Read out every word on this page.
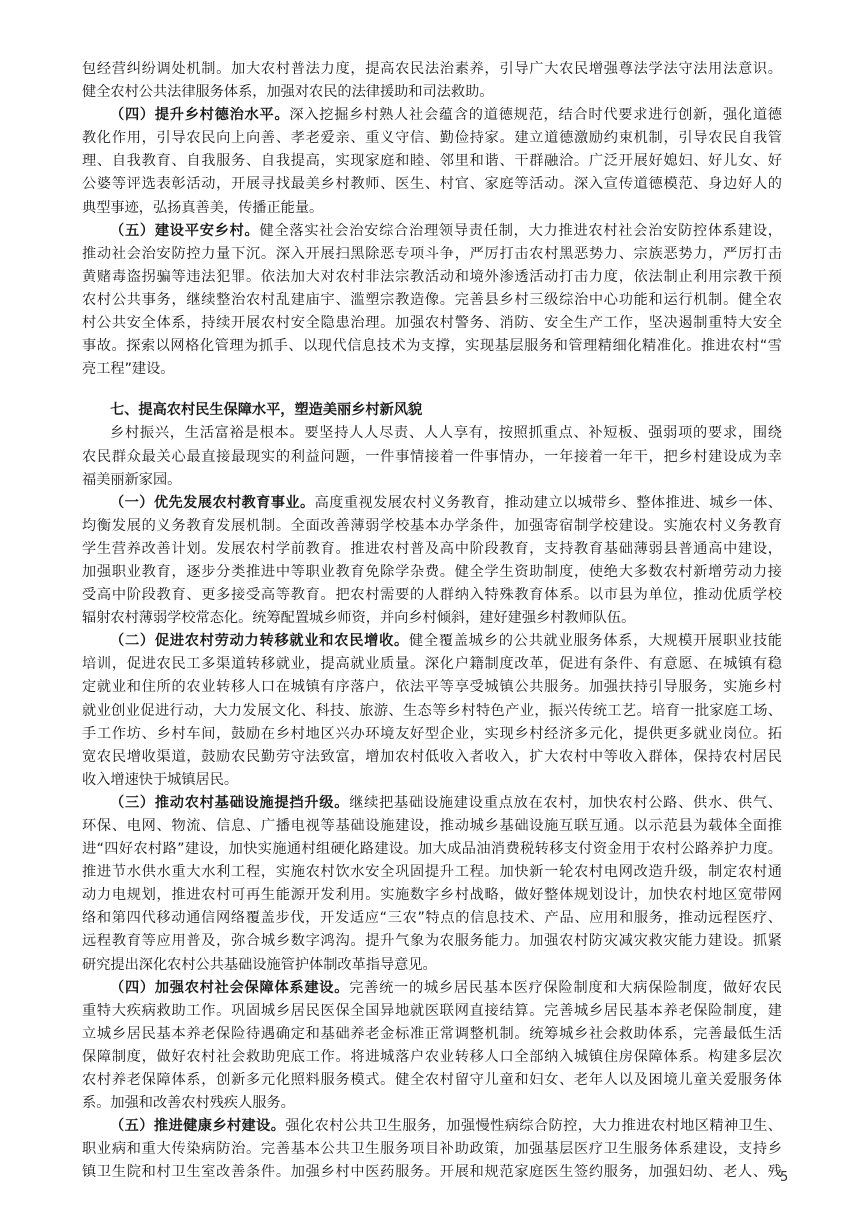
包经营纠纷调处机制。加大农村普法力度，提高农民法治素养，引导广大农民增强尊法学法守法用法意识。
健全农村公共法律服务体系，加强对农民的法律援助和司法救助。
（四）提升乡村德治水平。深入挖掘乡村熟人社会蕴含的道德规范，结合时代要求进行创新，强化道德
教化作用，引导农民向上向善、孝老爱亲、重义守信、勤俭持家。建立道德激励约束机制，引导农民自我管
理、自我教育、自我服务、自我提高，实现家庭和睦、邻里和谐、干群融洽。广泛开展好媳妇、好儿女、好
公婆等评选表彰活动，开展寻找最美乡村教师、医生、村官、家庭等活动。深入宣传道德模范、身边好人的
典型事迹，弘扬真善美，传播正能量。
（五）建设平安乡村。健全落实社会治安综合治理领导责任制，大力推进农村社会治安防控体系建设，
推动社会治安防控力量下沉。深入开展扫黑除恶专项斗争，严厉打击农村黑恶势力、宗族恶势力，严厉打击
黄赌毒盗拐骗等违法犯罪。依法加大对农村非法宗教活动和境外渗透活动打击力度，依法制止利用宗教干预
农村公共事务，继续整治农村乱建庙宇、滥塑宗教造像。完善县乡村三级综治中心功能和运行机制。健全农
村公共安全体系，持续开展农村安全隐患治理。加强农村警务、消防、安全生产工作，坚决遏制重特大安全
事故。探索以网格化管理为抓手、以现代信息技术为支撑，实现基层服务和管理精细化精准化。推进农村“雪
亮工程”建设。
七、提高农村民生保障水平，塑造美丽乡村新风貌
乡村振兴，生活富裕是根本。要坚持人人尽责、人人享有，按照抓重点、补短板、强弱项的要求，围绕
农民群众最关心最直接最现实的利益问题，一件事情接着一件事情办，一年接着一年干，把乡村建设成为幸
福美丽新家园。
（一）优先发展农村教育事业。高度重视发展农村义务教育，推动建立以城带乡、整体推进、城乡一体、
均衡发展的义务教育发展机制。全面改善薄弱学校基本办学条件，加强寄宿制学校建设。实施农村义务教育
学生营养改善计划。发展农村学前教育。推进农村普及高中阶段教育，支持教育基础薄弱县普通高中建设，
加强职业教育，逐步分类推进中等职业教育免除学杂费。健全学生资助制度，使绝大多数农村新增劳动力接
受高中阶段教育、更多接受高等教育。把农村需要的人群纳入特殊教育体系。以市县为单位，推动优质学校
辐射农村薄弱学校常态化。统筹配置城乡师资，并向乡村倾斜，建好建强乡村教师队伍。
（二）促进农村劳动力转移就业和农民增收。健全覆盖城乡的公共就业服务体系，大规模开展职业技能
培训，促进农民工多渠道转移就业，提高就业质量。深化户籍制度改革，促进有条件、有意愿、在城镇有稳
定就业和住所的农业转移人口在城镇有序落户，依法平等享受城镇公共服务。加强扶持引导服务，实施乡村
就业创业促进行动，大力发展文化、科技、旅游、生态等乡村特色产业，振兴传统工艺。培育一批家庭工场、
手工作坊、乡村车间，鼓励在乡村地区兴办环境友好型企业，实现乡村经济多元化，提供更多就业岗位。拓
宽农民增收渠道，鼓励农民勤劳守法致富，增加农村低收入者收入，扩大农村中等收入群体，保持农村居民
收入增速快于城镇居民。
（三）推动农村基础设施提挡升级。继续把基础设施建设重点放在农村，加快农村公路、供水、供气、
环保、电网、物流、信息、广播电视等基础设施建设，推动城乡基础设施互联互通。以示范县为载体全面推
进“四好农村路”建设，加快实施通村组硬化路建设。加大成品油消费税转移支付资金用于农村公路养护力度。
推进节水供水重大水利工程，实施农村饮水安全巩固提升工程。加快新一轮农村电网改造升级，制定农村通
动力电规划，推进农村可再生能源开发利用。实施数字乡村战略，做好整体规划设计，加快农村地区宽带网
络和第四代移动通信网络覆盖步伐，开发适应“三农”特点的信息技术、产品、应用和服务，推动远程医疗、
远程教育等应用普及，弥合城乡数字鸿沟。提升气象为农服务能力。加强农村防灾减灾救灾能力建设。抓紧
研究提出深化农村公共基础设施管护体制改革指导意见。
（四）加强农村社会保障体系建设。完善统一的城乡居民基本医疗保险制度和大病保险制度，做好农民
重特大疾病救助工作。巩固城乡居民医保全国异地就医联网直接结算。完善城乡居民基本养老保险制度，建
立城乡居民基本养老保险待遇确定和基础养老金标准正常调整机制。统筹城乡社会救助体系，完善最低生活
保障制度，做好农村社会救助兜底工作。将进城落户农业转移人口全部纳入城镇住房保障体系。构建多层次
农村养老保障体系，创新多元化照料服务模式。健全农村留守儿童和妇女、老年人以及困境儿童关爱服务体
系。加强和改善农村残疾人服务。
（五）推进健康乡村建设。强化农村公共卫生服务，加强慢性病综合防控，大力推进农村地区精神卫生、
职业病和重大传染病防治。完善基本公共卫生服务项目补助政策，加强基层医疗卫生服务体系建设，支持乡
镇卫生院和村卫生室改善条件。加强乡村中医药服务。开展和规范家庭医生签约服务，加强妇幼、老人、残
5
